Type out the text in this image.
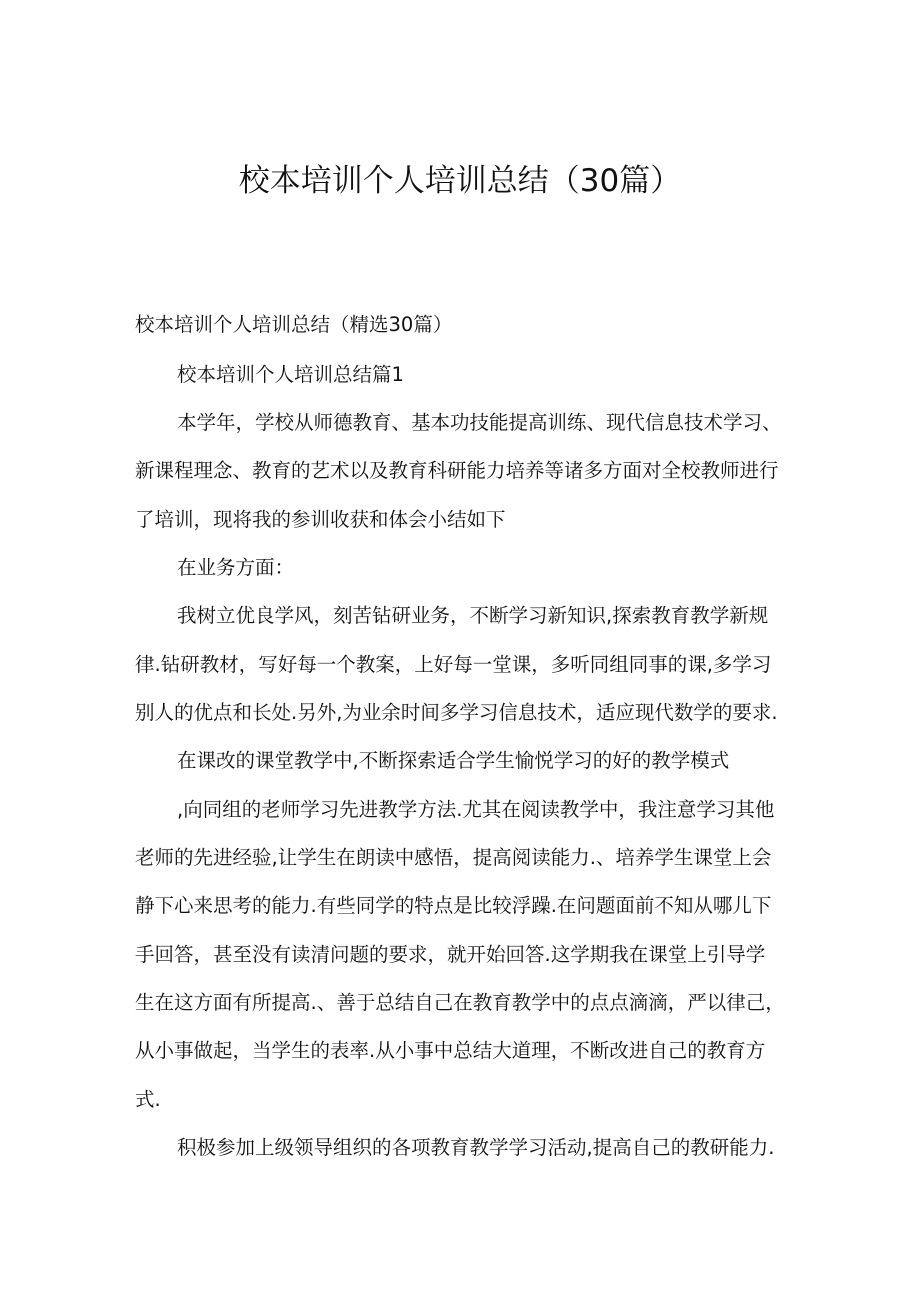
校本培训个人培训总结（30篇）

校本培训个人培训总结（精选30篇）

校本培训个人培训总结篇1

本学年，学校从师德教育、基本功技能提高训练、现代信息技术学习、

新课程理念、教育的艺术以及教育科研能力培养等诸多方面对全校教师进行

了培训，现将我的参训收获和体会小结如下

在业务方面：

我树立优良学风，刻苦钻研业务，不断学习新知识,探索教育教学新规

律.钻研教材，写好每一个教案，上好每一堂课，多听同组同事的课,多学习

别人的优点和长处.另外,为业余时间多学习信息技术，适应现代数学的要求.

在课改的课堂教学中,不断探索适合学生愉悦学习的好的教学模式

,向同组的老师学习先进教学方法.尤其在阅读教学中，我注意学习其他

老师的先进经验,让学生在朗读中感悟，提高阅读能力.、培养学生课堂上会

静下心来思考的能力.有些同学的特点是比较浮躁.在问题面前不知从哪儿下

手回答，甚至没有读清问题的要求，就开始回答.这学期我在课堂上引导学

生在这方面有所提高.、善于总结自己在教育教学中的点点滴滴，严以律己，

从小事做起，当学生的表率.从小事中总结大道理，不断改进自己的教育方

式.

积极参加上级领导组织的各项教育教学学习活动,提高自己的教研能力.
